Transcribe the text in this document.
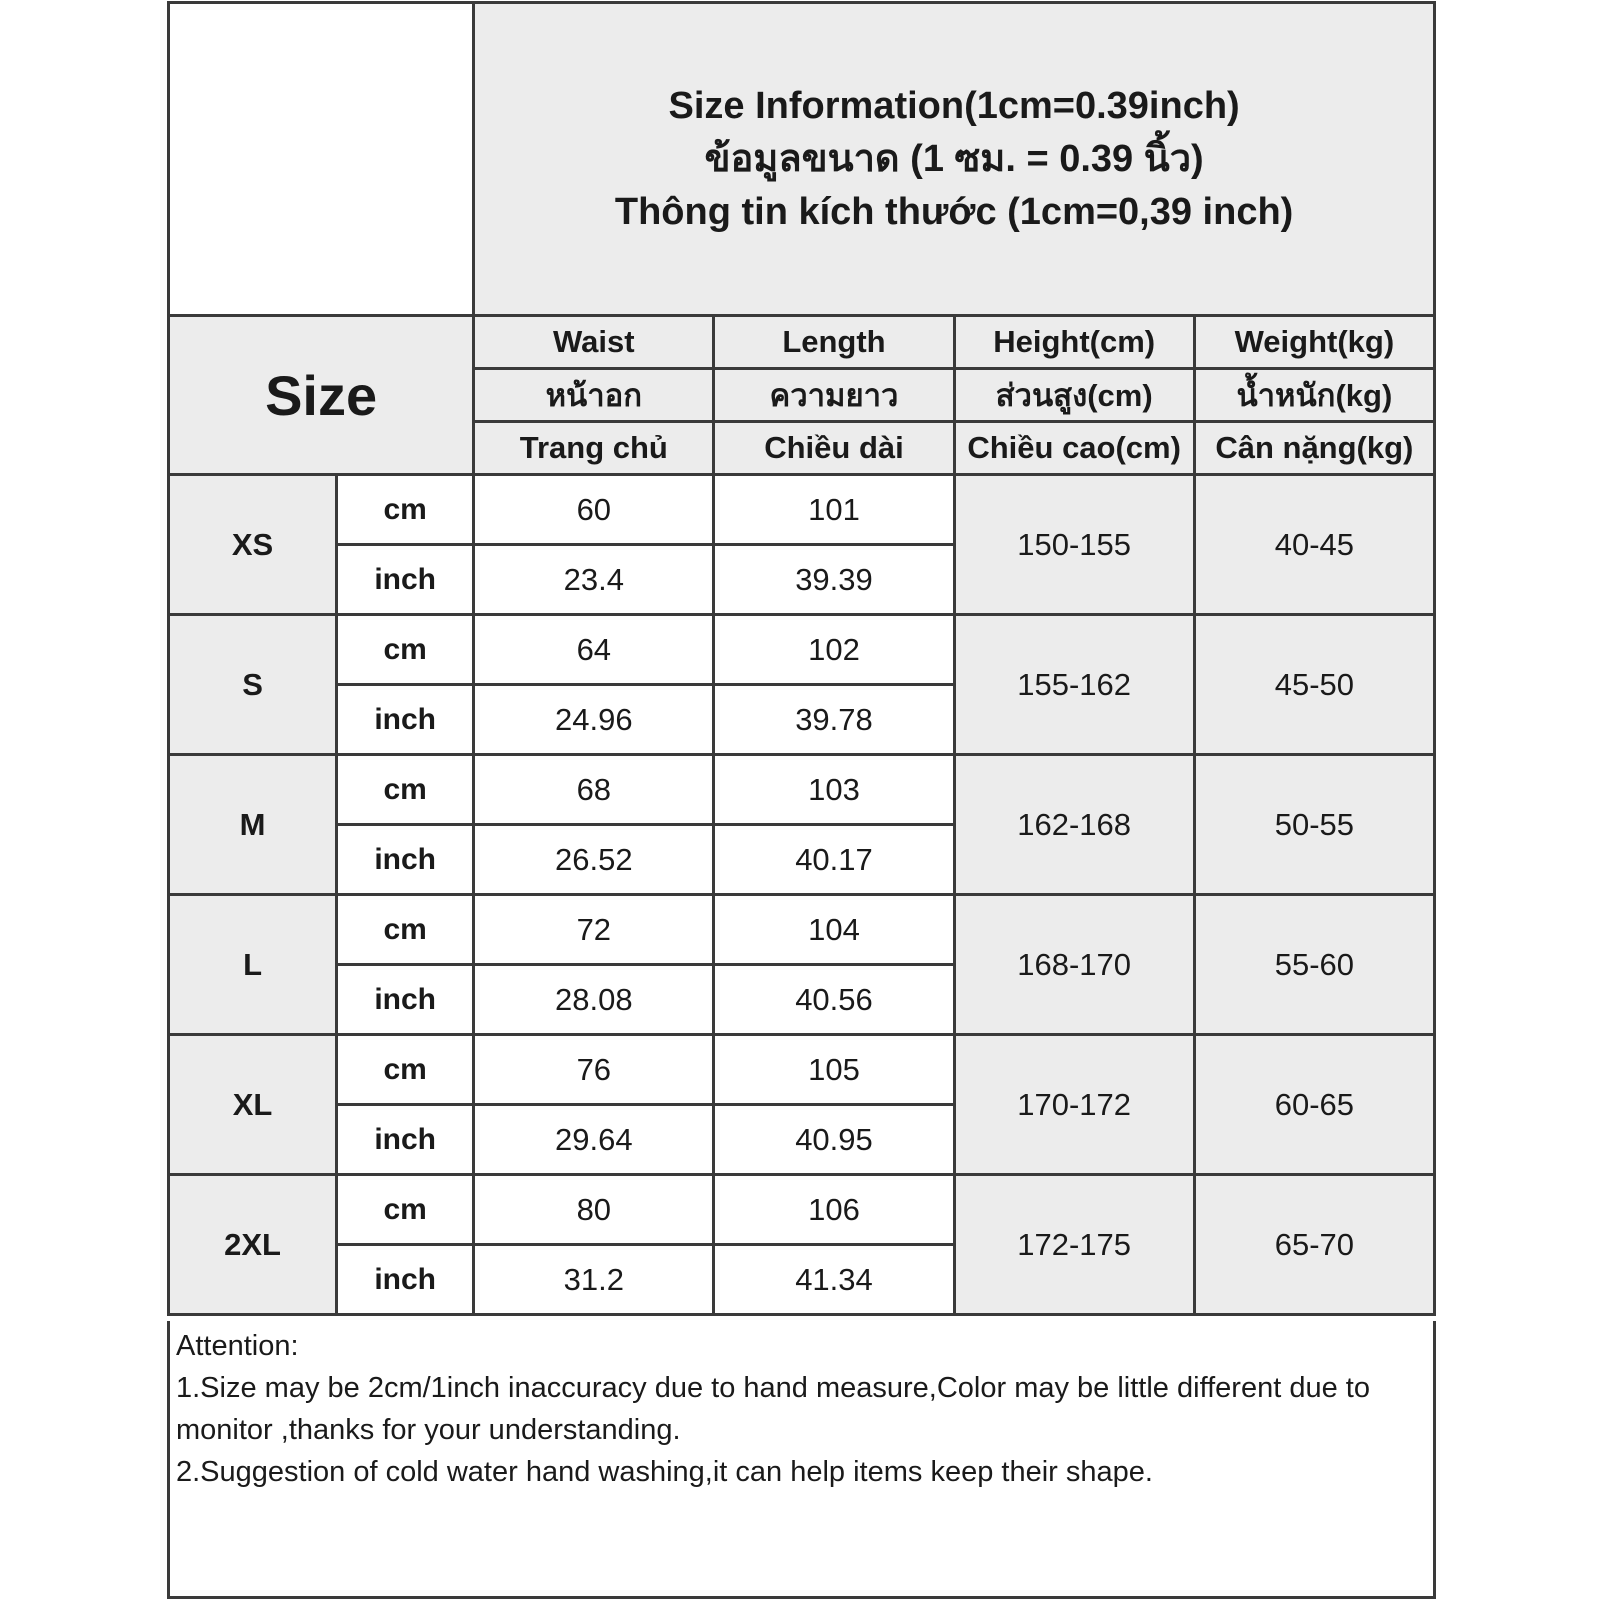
Size Information(1cm=0.39inch)
ข้อมูลขนาด (1 ซม. = 0.39 นิ้ว)
Thông tin kích thước (1cm=0,39 inch)			

Size		Waist	Length	Height(cm)	Weight(kg)
		หน้าอก	ความยาว	ส่วนสูง(cm)	น้ำหนัก(kg)
		Trang chủ	Chiều dài	Chiều cao(cm)	Cân nặng(kg)
XS	cm	60	101	150-155	40-45
	inch	23.4	39.39		
S	cm	64	102	155-162	45-50
	inch	24.96	39.78		
M	cm	68	103	162-168	50-55
	inch	26.52	40.17		
L	cm	72	104	168-170	55-60
	inch	28.08	40.56		
XL	cm	76	105	170-172	60-65
	inch	29.64	40.95		
2XL	cm	80	106	172-175	65-70
	inch	31.2	41.34		
Attention:
1.Size may be 2cm/1inch inaccuracy due to hand measure,Color may be little different due to monitor ,thanks for your understanding.
2.Suggestion of cold water hand washing,it can help items keep their shape.
